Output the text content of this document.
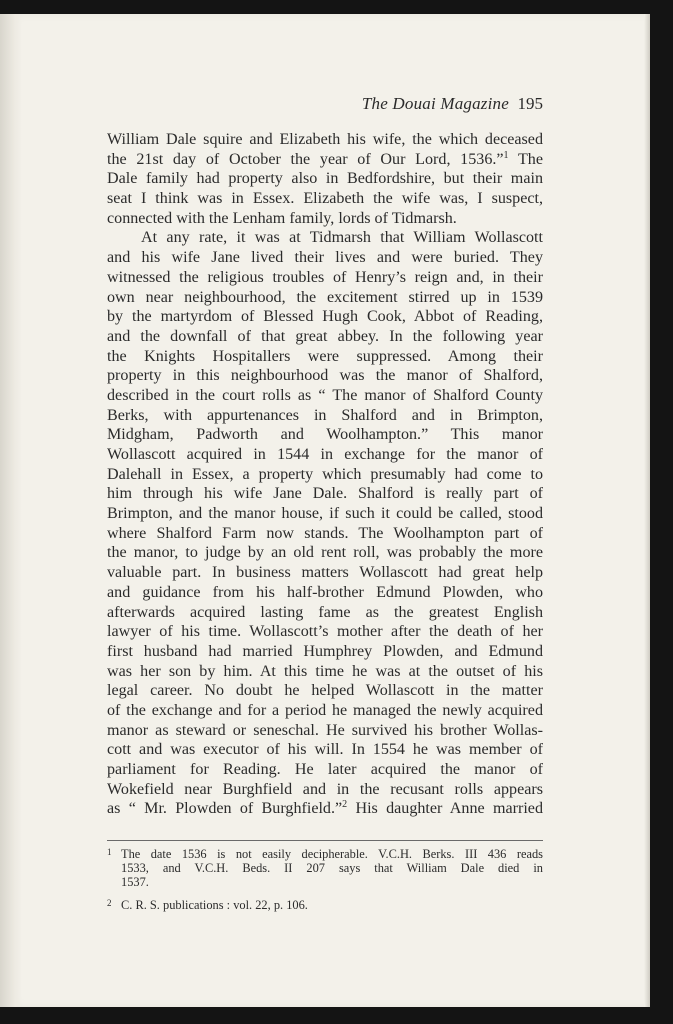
The Douai Magazine 195
William Dale squire and Elizabeth his wife, the which deceased
the 21st day of October the year of Our Lord, 1536.”$^1$ The
Dale family had property also in Bedfordshire, but their main
seat I think was in Essex. Elizabeth the wife was, I suspect,
connected with the Lenham family, lords of Tidmarsh.
At any rate, it was at Tidmarsh that William Wollascott
and his wife Jane lived their lives and were buried. They
witnessed the religious troubles of Henry’s reign and, in their
own near neighbourhood, the excitement stirred up in 1539
by the martyrdom of Blessed Hugh Cook, Abbot of Reading,
and the downfall of that great abbey. In the following year
the Knights Hospitallers were suppressed. Among their
property in this neighbourhood was the manor of Shalford,
described in the court rolls as “ The manor of Shalford County
Berks, with appurtenances in Shalford and in Brimpton,
Midgham, Padworth and Woolhampton.” This manor
Wollascott acquired in 1544 in exchange for the manor of
Dalehall in Essex, a property which presumably had come to
him through his wife Jane Dale. Shalford is really part of
Brimpton, and the manor house, if such it could be called, stood
where Shalford Farm now stands. The Woolhampton part of
the manor, to judge by an old rent roll, was probably the more
valuable part. In business matters Wollascott had great help
and guidance from his half-brother Edmund Plowden, who
afterwards acquired lasting fame as the greatest English
lawyer of his time. Wollascott’s mother after the death of her
first husband had married Humphrey Plowden, and Edmund
was her son by him. At this time he was at the outset of his
legal career. No doubt he helped Wollascott in the matter
of the exchange and for a period he managed the newly acquired
manor as steward or seneschal. He survived his brother Wollas-
cott and was executor of his will. In 1554 he was member of
parliament for Reading. He later acquired the manor of
Wokefield near Burghfield and in the recusant rolls appears
as “ Mr. Plowden of Burghfield.”$^2$ His daughter Anne married
1 The date 1536 is not easily decipherable. V.C.H. Berks. III 436 reads
1533, and V.C.H. Beds. II 207 says that William Dale died in
1537.
2 C. R. S. publications : vol. 22, p. 106.
